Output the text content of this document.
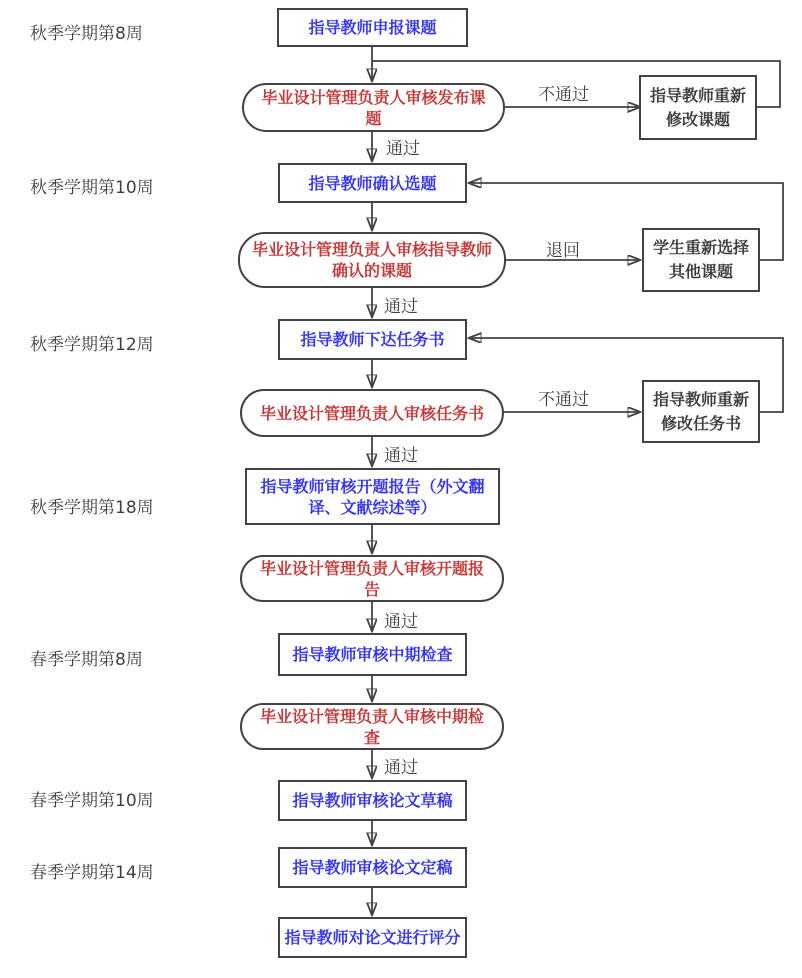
秋季学期第8周
秋季学期第10周
秋季学期第12周
秋季学期第18周
春季学期第8周
春季学期第10周
春季学期第14周
指导教师申报课题
指导教师确认选题
指导教师下达任务书
指导教师审核开题报告（外文翻译、文献综述等）
指导教师审核中期检查
指导教师审核论文草稿
指导教师审核论文定稿
指导教师对论文进行评分
毕业设计管理负责人审核发布课题
毕业设计管理负责人审核指导教师确认的课题
毕业设计管理负责人审核任务书
毕业设计管理负责人审核开题报告
毕业设计管理负责人审核中期检查
指导教师重新修改课题
学生重新选择其他课题
指导教师重新修改任务书
不通过
通过
退回
通过
不通过
通过
通过
通过
